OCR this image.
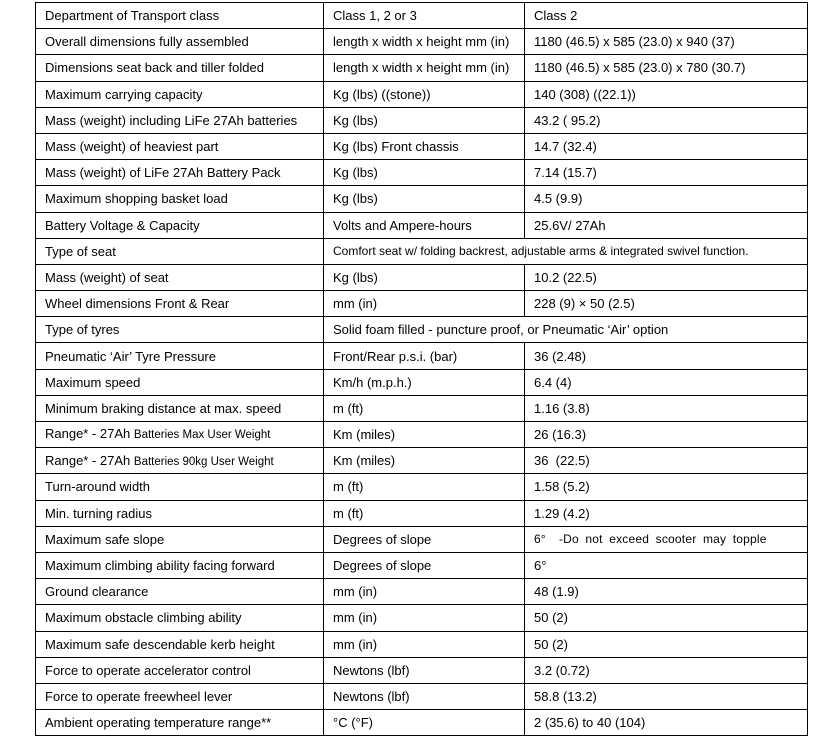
Department of Transport class	Class 1, 2 or 3	Class 2
Overall dimensions fully assembled	length x width x height mm (in)	1180 (46.5) x 585 (23.0) x 940 (37)
Dimensions seat back and tiller folded	length x width x height mm (in)	1180 (46.5) x 585 (23.0) x 780 (30.7)
Maximum carrying capacity	Kg (lbs) ((stone))	140 (308) ((22.1))
Mass (weight) including LiFe 27Ah batteries	Kg (lbs)	43.2 ( 95.2)
Mass (weight) of heaviest part	Kg (lbs) Front chassis	14.7 (32.4)
Mass (weight) of LiFe 27Ah Battery Pack	Kg (lbs)	7.14 (15.7)
Maximum shopping basket load	Kg (lbs)	4.5 (9.9)
Battery Voltage & Capacity	Volts and Ampere-hours	25.6V/ 27Ah
Type of seat	Comfort seat w/ folding backrest, adjustable arms & integrated swivel function.	
Mass (weight) of seat	Kg (lbs)	10.2 (22.5)
Wheel dimensions Front & Rear	mm (in)	228 (9) × 50 (2.5)
Type of tyres	Solid foam filled - puncture proof, or Pneumatic ‘Air’ option	
Pneumatic ‘Air’ Tyre Pressure	Front/Rear p.s.i. (bar)	36 (2.48)
Maximum speed	Km/h (m.p.h.)	6.4 (4)
Minimum braking distance at max. speed	m (ft)	1.16 (3.8)
Range* - 27Ah Batteries Max User Weight	Km (miles)	26 (16.3)
Range* - 27Ah Batteries 90kg User Weight	Km (miles)	36  (22.5)
Turn-around width	m (ft)	1.58 (5.2)
Min. turning radius	m (ft)	1.29 (4.2)
Maximum safe slope	Degrees of slope	6°  -Do not exceed scooter may topple
Maximum climbing ability facing forward	Degrees of slope	6°
Ground clearance	mm (in)	48 (1.9)
Maximum obstacle climbing ability	mm (in)	50 (2)
Maximum safe descendable kerb height	mm (in)	50 (2)
Force to operate accelerator control	Newtons (lbf)	3.2 (0.72)
Force to operate freewheel lever	Newtons (lbf)	58.8 (13.2)
Ambient operating temperature range**	°C (°F)	2 (35.6) to 40 (104)
